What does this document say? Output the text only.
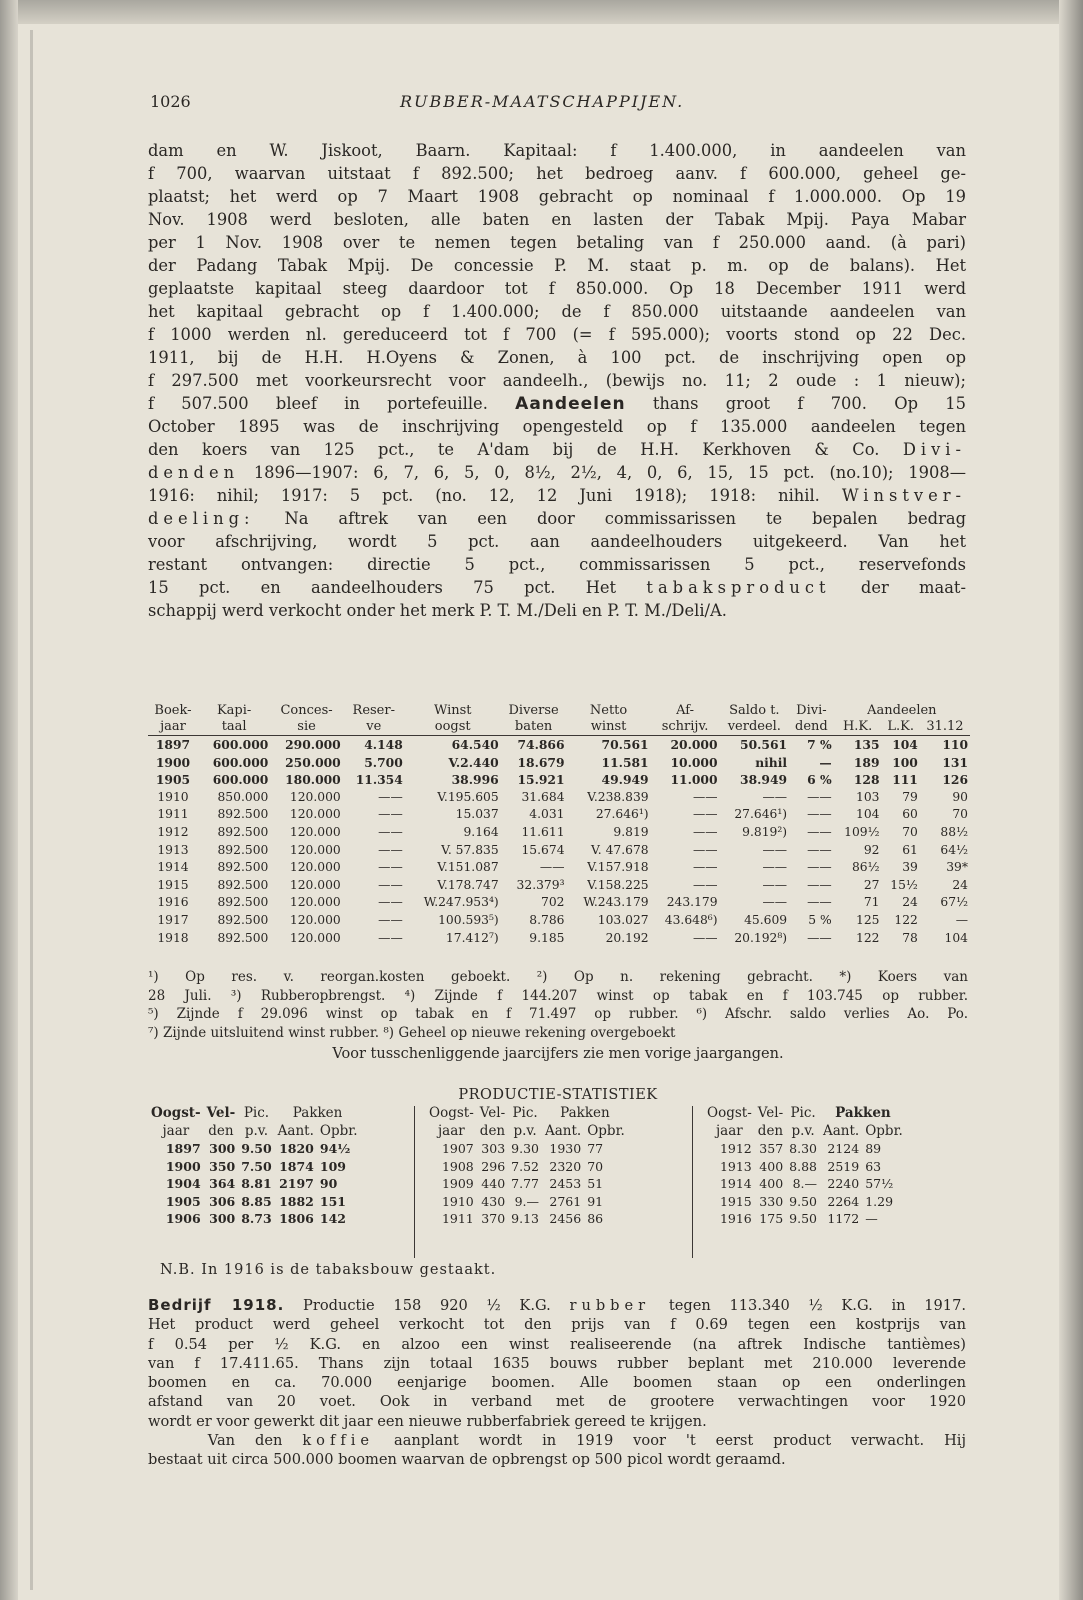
1026	RUBBER-MAATSCHAPPIJEN.
dam en W. Jiskoot, Baarn. Kapitaal: f 1.400.000, in aandeelen van
f 700, waarvan uitstaat f 892.500; het bedroeg aanv. f 600.000, geheel ge-
plaatst; het werd op 7 Maart 1908 gebracht op nominaal f 1.000.000. Op 19
Nov. 1908 werd besloten, alle baten en lasten der Tabak Mpij. Paya Mabar
per 1 Nov. 1908 over te nemen tegen betaling van f 250.000 aand. (à pari)
der Padang Tabak Mpij. De concessie P. M. staat p. m. op de balans). Het
geplaatste kapitaal steeg daardoor tot f 850.000. Op 18 December 1911 werd
het kapitaal gebracht op f 1.400.000; de f 850.000 uitstaande aandeelen van
f 1000 werden nl. gereduceerd tot f 700 (= f 595.000); voorts stond op 22 Dec.
1911, bij de H.H. H.Oyens & Zonen, à 100 pct. de inschrijving open op
f 297.500 met voorkeursrecht voor aandeelh., (bewijs no. 11; 2 oude : 1 nieuw);
f 507.500 bleef in portefeuille. Aandeelen thans groot f 700. Op 15
October 1895 was de inschrijving opengesteld op f 135.000 aandeelen tegen
den koers van 125 pct., te A'dam bij de H.H. Kerkhoven & Co. Divi-
denden 1896—1907: 6, 7, 6, 5, 0, 8½, 2½, 4, 0, 6, 15, 15 pct. (no.10); 1908—
1916: nihil; 1917: 5 pct. (no. 12, 12 Juni 1918); 1918: nihil. Winstver-
deeling: Na aftrek van een door commissarissen te bepalen bedrag
voor afschrijving, wordt 5 pct. aan aandeelhouders uitgekeerd. Van het
restant ontvangen: directie 5 pct., commissarissen 5 pct., reservefonds
15 pct. en aandeelhouders 75 pct. Het tabaksproduct der maat-
schappij werd verkocht onder het merk P. T. M./Deli en P. T. M./Deli/A.
Boek-	Kapi-	Conces-	Reser-	Winst	Diverse	Netto	Af-	Saldo t.	Divi-	Aandeelen		
jaar	taal	sie	ve	oogst	baten	winst	schrijv.	verdeel.	dend	H.K.	L.K.	31.12
1897	600.000	290.000	4.148	64.540	74.866	70.561	20.000	50.561	7 %	135	104	110
1900	600.000	250.000	5.700	V.2.440	18.679	11.581	10.000	nihil	—	189	100	131
1905	600.000	180.000	11.354	38.996	15.921	49.949	11.000	38.949	6 %	128	111	126
1910	850.000	120.000	——	V.195.605	31.684	V.238.839	——	——	——	103	79	90
1911	892.500	120.000	——	15.037	4.031	27.646¹)	——	27.646¹)	——	104	60	70
1912	892.500	120.000	——	9.164	11.611	9.819	——	9.819²)	——	109½	70	88½
1913	892.500	120.000	——	V. 57.835	15.674	V. 47.678	——	——	——	92	61	64½
1914	892.500	120.000	——	V.151.087	——	V.157.918	——	——	——	86½	39	39*
1915	892.500	120.000	——	V.178.747	32.379³	V.158.225	——	——	——	27	15½	24
1916	892.500	120.000	——	W.247.953⁴)	702	W.243.179	243.179	——	——	71	24	67½
1917	892.500	120.000	——	100.593⁵)	8.786	103.027	43.648⁶)	45.609	5 %	125	122	—
1918	892.500	120.000	——	17.412⁷)	9.185	20.192	——	20.192⁸)	——	122	78	104
¹) Op res. v. reorgan.kosten geboekt. ²) Op n. rekening gebracht. *) Koers van
28 Juli. ³) Rubberopbrengst. ⁴) Zijnde f 144.207 winst op tabak en f 103.745 op rubber.
⁵) Zijnde f 29.096 winst op tabak en f 71.497 op rubber. ⁶) Afschr. saldo verlies Ao. Po.
⁷) Zijnde uitsluitend winst rubber. ⁸) Geheel op nieuwe rekening overgeboekt
Voor tusschenliggende jaarcijfers zie men vorige jaargangen.
PRODUCTIE-STATISTIEK
Oogst-	Vel-	Pic.	Pakken	
jaar	den	p.v.	Aant.	Opbr.
1897	300	9.50	1820	94½
1900	350	7.50	1874	109
1904	364	8.81	2197	90
1905	306	8.85	1882	151
1906	300	8.73	1806	142
Oogst-	Vel-	Pic.	Pakken	
jaar	den	p.v.	Aant.	Opbr.
1907	303	9.30	1930	77
1908	296	7.52	2320	70
1909	440	7.77	2453	51
1910	430	9.—	2761	91
1911	370	9.13	2456	86
Oogst-	Vel-	Pic.	Pakken	
jaar	den	p.v.	Aant.	Opbr.
1912	357	8.30	2124	89
1913	400	8.88	2519	63
1914	400	8.—	2240	57½
1915	330	9.50	2264	1.29
1916	175	9.50	1172	—
N.B. In 1916 is de tabaksbouw gestaakt.
Bedrijf 1918. Productie 158 920 ½ K.G. rubber tegen 113.340 ½ K.G. in 1917.
Het product werd geheel verkocht tot den prijs van f 0.69 tegen een kostprijs van
f 0.54 per ½ K.G. en alzoo een winst realiseerende (na aftrek Indische tantièmes)
van f 17.411.65. Thans zijn totaal 1635 bouws rubber beplant met 210.000 leverende
boomen en ca. 70.000 eenjarige boomen. Alle boomen staan op een onderlingen
afstand van 20 voet. Ook in verband met de grootere verwachtingen voor 1920
wordt er voor gewerkt dit jaar een nieuwe rubberfabriek gereed te krijgen.
Van den koffie aanplant wordt in 1919 voor 't eerst product verwacht. Hij
bestaat uit circa 500.000 boomen waarvan de opbrengst op 500 picol wordt geraamd.
